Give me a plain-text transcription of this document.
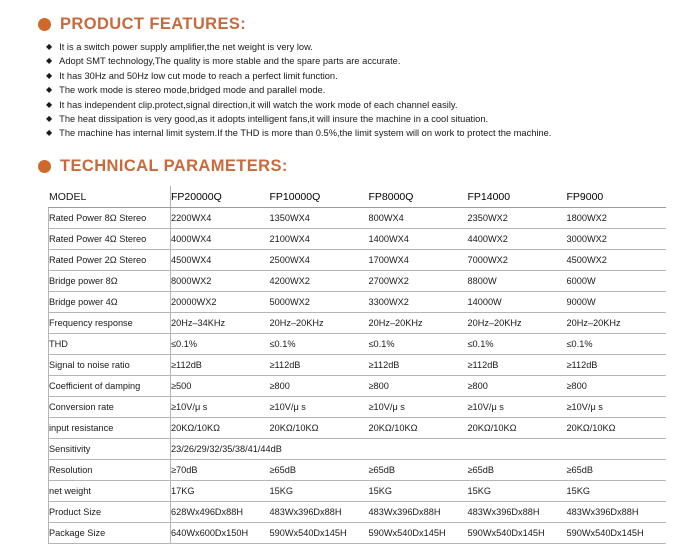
PRODUCT FEATURES:
◆ It is a switch power supply amplifier,the net weight is very low.
◆ Adopt SMT technology,The quality is more stable and the spare parts are accurate.
◆ It has 30Hz and 50Hz low cut mode to reach a perfect limit function.
◆ The work mode is stereo mode,bridged mode and parallel mode.
◆ It has independent clip.protect,signal direction,it will watch the work mode of each channel easily.
◆ The heat dissipation is very good,as it adopts intelligent fans,it will insure the machine in a cool situation.
◆ The machine has internal limit system.If the THD is more than 0.5%,the limit system will on work to protect the machine.
TECHNICAL PARAMETERS:
MODEL	FP20000Q	FP10000Q	FP8000Q	FP14000	FP9000
Rated Power 8Ω Stereo	2200WX4	1350WX4	800WX4	2350WX2	1800WX2
Rated Power 4Ω Stereo	4000WX4	2100WX4	1400WX4	4400WX2	3000WX2
Rated Power 2Ω Stereo	4500WX4	2500WX4	1700WX4	7000WX2	4500WX2
Bridge power 8Ω	8000WX2	4200WX2	2700WX2	8800W	6000W
Bridge power 4Ω	20000WX2	5000WX2	3300WX2	14000W	9000W
Frequency response	20Hz–34KHz	20Hz–20KHz	20Hz–20KHz	20Hz–20KHz	20Hz–20KHz
THD	≤0.1%	≤0.1%	≤0.1%	≤0.1%	≤0.1%
Signal to noise ratio	≥112dB	≥112dB	≥112dB	≥112dB	≥112dB
Coefficient of damping	≥500	≥800	≥800	≥800	≥800
Conversion rate	≥10V/μ s	≥10V/μ s	≥10V/μ s	≥10V/μ s	≥10V/μ s
input resistance	20KΩ/10KΩ	20KΩ/10KΩ	20KΩ/10KΩ	20KΩ/10KΩ	20KΩ/10KΩ
Sensitivity	23/26/29/32/35/38/41/44dB				
Resolution	≥70dB	≥65dB	≥65dB	≥65dB	≥65dB
net weight	17KG	15KG	15KG	15KG	15KG
Product Size	628Wx496Dx88H	483Wx396Dx88H	483Wx396Dx88H	483Wx396Dx88H	483Wx396Dx88H
Package Size	640Wx600Dx150H	590Wx540Dx145H	590Wx540Dx145H	590Wx540Dx145H	590Wx540Dx145H
